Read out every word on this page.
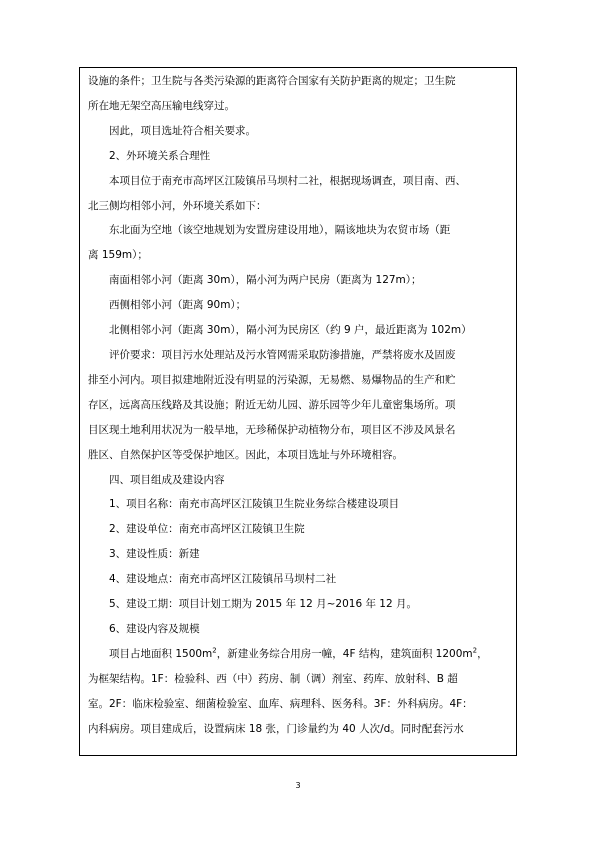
设施的条件；卫生院与各类污染源的距离符合国家有关防护距离的规定；卫生院

所在地无架空高压输电线穿过。

因此，项目选址符合相关要求。

2、外环境关系合理性

本项目位于南充市高坪区江陵镇吊马坝村二社，根据现场调查，项目南、西、

北三侧均相邻小河，外环境关系如下：

东北面为空地（该空地规划为安置房建设用地），隔该地块为农贸市场（距

离 159m）；

南面相邻小河（距离 30m），隔小河为两户民房（距离为 127m）；

西侧相邻小河（距离 90m）；

北侧相邻小河（距离 30m），隔小河为民房区（约 9 户，最近距离为 102m）

评价要求：项目污水处理站及污水管网需采取防渗措施，严禁将废水及固废

排至小河内。项目拟建地附近没有明显的污染源，无易燃、易爆物品的生产和贮

存区，远离高压线路及其设施；附近无幼儿园、游乐园等少年儿童密集场所。项

目区现土地利用状况为一般旱地，无珍稀保护动植物分布，项目区不涉及风景名

胜区、自然保护区等受保护地区。因此，本项目选址与外环境相容。

四、项目组成及建设内容

1、项目名称：南充市高坪区江陵镇卫生院业务综合楼建设项目

2、建设单位：南充市高坪区江陵镇卫生院

3、建设性质：新建

4、建设地点：南充市高坪区江陵镇吊马坝村二社

5、建设工期：项目计划工期为 2015 年 12 月~2016 年 12 月。

6、建设内容及规模

项目占地面积 $1500m^2$，新建业务综合用房一幢，4F 结构，建筑面积 $1200m^2$，

为框架结构。1F：检验科、西（中）药房、制（调）剂室、药库、放射科、B 超

室。2F：临床检验室、细菌检验室、血库、病理科、医务科。3F：外科病房。4F：

内科病房。项目建成后，设置病床 18 张，门诊量约为 40 人次/d。同时配套污水

3
